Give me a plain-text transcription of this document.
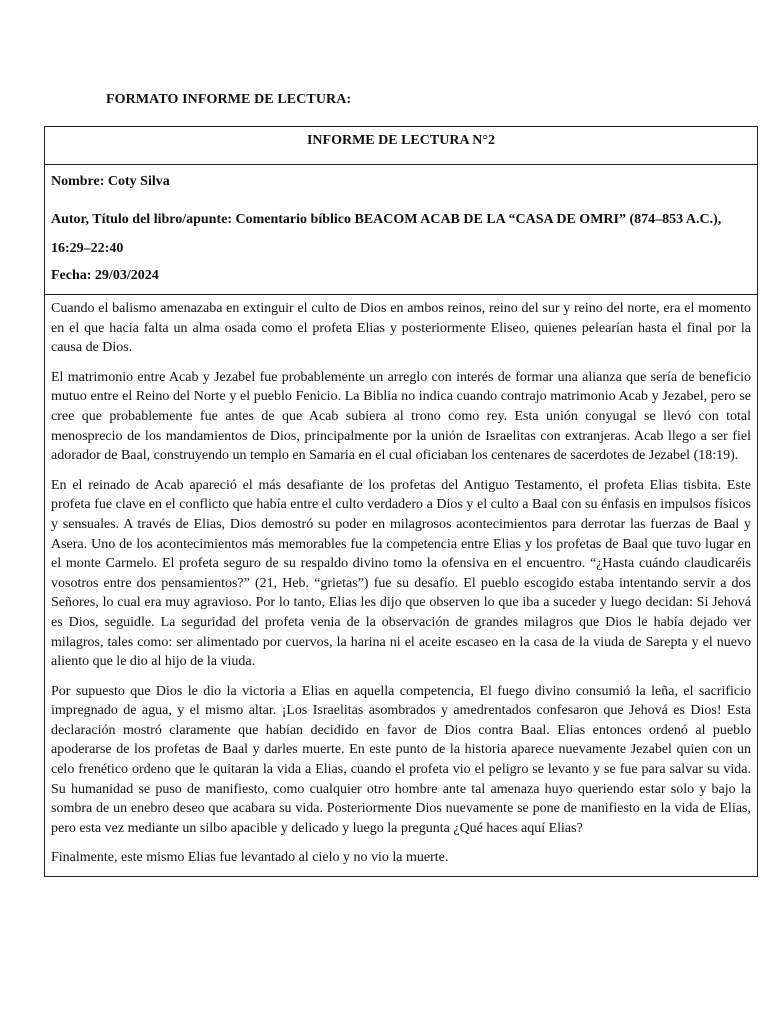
FORMATO INFORME DE LECTURA:
INFORME DE LECTURA N°2

Nombre: Coty Silva

Autor, Título del libro/apunte: Comentario bíblico BEACOM ACAB DE LA “CASA DE OMRI” (874–853 A.C.), 16:29–22:40

Fecha: 29/03/2024

Cuando el balismo amenazaba en extinguir el culto de Dios en ambos reinos, reino del sur y reino del norte, era el momento en el que hacia falta un alma osada como el profeta Elias y posteriormente Eliseo, quienes pelearían hasta el final por la causa de Dios.

El matrimonio entre Acab y Jezabel fue probablemente un arreglo con interés de formar una alianza que sería de beneficio mutuo entre el Reino del Norte y el pueblo Fenicio. La Biblia no indica cuando contrajo matrimonio Acab y Jezabel, pero se cree que probablemente fue antes de que Acab subiera al trono como rey. Esta unión conyugal se llevó con total menosprecio de los mandamientos de Dios, principalmente por la unión de Israelitas con extranjeras. Acab llego a ser fiel adorador de Baal, construyendo un templo en Samaria en el cual oficiaban los centenares de sacerdotes de Jezabel (18:19).

En el reinado de Acab apareció el más desafiante de los profetas del Antiguo Testamento, el profeta Elias tisbita. Este profeta fue clave en el conflicto que había entre el culto verdadero a Dios y el culto a Baal con su énfasis en impulsos físicos y sensuales. A través de Elias, Dios demostró su poder en milagrosos acontecimientos para derrotar las fuerzas de Baal y Asera. Uno de los acontecimientos más memorables fue la competencia entre Elias y los profetas de Baal que tuvo lugar en el monte Carmelo. El profeta seguro de su respaldo divino tomo la ofensiva en el encuentro. “¿Hasta cuándo claudicaréis vosotros entre dos pensamientos?” (21, Heb. “grietas”) fue su desafío. El pueblo escogido estaba intentando servir a dos Señores, lo cual era muy agravioso. Por lo tanto, Elias les dijo que observen lo que iba a suceder y luego decidan: Si Jehová es Dios, seguidle. La seguridad del profeta venia de la observación de grandes milagros que Dios le había dejado ver milagros, tales como: ser alimentado por cuervos, la harina ni el aceite escaseo en la casa de la viuda de Sarepta y el nuevo aliento que le dio al hijo de la viuda.

Por supuesto que Dios le dio la victoria a Elias en aquella competencia, El fuego divino consumió la leña, el sacrificio impregnado de agua, y el mismo altar. ¡Los Israelitas asombrados y amedrentados confesaron que Jehová es Dios! Esta declaración mostró claramente que habían decidido en favor de Dios contra Baal. Elias entonces ordenó al pueblo apoderarse de los profetas de Baal y darles muerte. En este punto de la historia aparece nuevamente Jezabel quien con un celo frenético ordeno que le quitaran la vida a Elias, cuando el profeta vio el peligro se levanto y se fue para salvar su vida. Su humanidad se puso de manifiesto, como cualquier otro hombre ante tal amenaza huyo queriendo estar solo y bajo la sombra de un enebro deseo que acabara su vida. Posteriormente Dios nuevamente se pone de manifiesto en la vida de Elias, pero esta vez mediante un silbo apacible y delicado y luego la pregunta ¿Qué haces aquí Elias?

Finalmente, este mismo Elias fue levantado al cielo y no vio la muerte.
